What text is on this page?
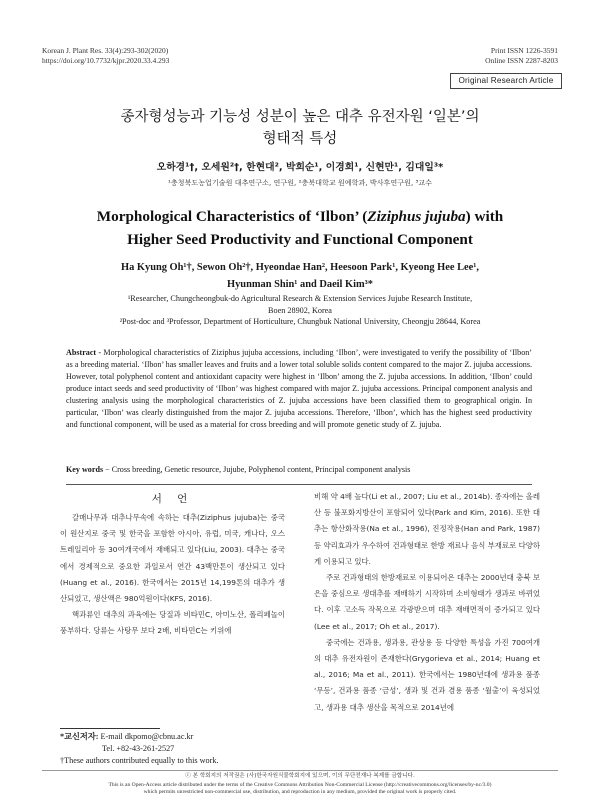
Korean J. Plant Res. 33(4):293-302(2020)
https://doi.org/10.7732/kjpr.2020.33.4.293
Print ISSN 1226-3591
Online ISSN 2287-8203
Original Research Article
종자형성능과 기능성 성분이 높은 대추 유전자원 ‘일본’의
형태적 특성
오하경¹†, 오세원²†, 한현대², 박희순¹, 이경희¹, 신현만¹, 김대일³*
¹충청북도농업기술원 대추연구소, 연구원, ²충북대학교 원예학과, 박사후연구원, ³교수
Morphological Characteristics of ‘Ilbon’ (Ziziphus jujuba) with
Higher Seed Productivity and Functional Component
Ha Kyung Oh¹†, Sewon Oh²†, Hyeondae Han², Heesoon Park¹, Kyeong Hee Lee¹,
Hyunman Shin¹ and Daeil Kim³*
¹Researcher, Chungcheongbuk-do Agricultural Research & Extension Services Jujube Research Institute,
Boen 28902, Korea
²Post-doc and ³Professor, Department of Horticulture, Chungbuk National University, Cheongju 28644, Korea
Abstract - Morphological characteristics of Ziziphus jujuba accessions, including ‘Ilbon’, were investigated to verify the possibility of ‘Ilbon’ as a breeding material. ‘Ilbon’ has smaller leaves and fruits and a lower total soluble solids content compared to the major Z. jujuba accessions. However, total polyphenol content and antioxidant capacity were highest in ‘Ilbon’ among the Z. jujuba accessions. In addition, ‘Ilbon’ could produce intact seeds and seed productivity of ‘Ilbon’ was highest compared with major Z. jujuba accessions. Principal component analysis and clustering analysis using the morphological characteristics of Z. jujuba accessions have been classified them to geographical origin. In particular, ‘Ilbon’ was clearly distinguished from the major Z. jujuba accessions. Therefore, ‘Ilbon’, which has the highest seed productivity and functional component, will be used as a material for cross breeding and will promote genetic study of Z. jujuba.
Key words − Cross breeding, Genetic resource, Jujube, Polyphenol content, Principal component analysis
서 언

갈매나무과 대추나무속에 속하는 대추(Ziziphus jujuba)는 중국이 원산지로 중국 및 한국을 포함한 아시아, 유럽, 미국, 캐나다, 오스트레일리아 등 30여개국에서 재배되고 있다(Liu, 2003). 대추는 중국에서 경제적으로 중요한 과일로서 연간 43백만톤이 생산되고 있다(Huang et al., 2016). 한국에서는 2015년 14,199톤의 대추가 생산되었고, 생산액은 980억원이다(KFS, 2016).

핵과류인 대추의 과육에는 당질과 비타민C, 아미노산, 폴리페놀이 풍부하다. 당류는 사탕무 보다 2배, 비타민C는 키위에

비해 약 4배 높다(Li et al., 2007; Liu et al., 2014b). 종자에는 올레산 등 불포화지방산이 포함되어 있다(Park and Kim, 2016). 또한 대추는 항산화작용(Na et al., 1996), 진정작용(Han and Park, 1987) 등 약리효과가 우수하여 건과형태로 한방 재료나 음식 부재료로 다양하게 이용되고 있다.

주로 건과형태의 한방재료로 이용되어온 대추는 2000년대 충북 보은을 중심으로 생대추를 재배하기 시작하며 소비형태가 생과로 바뀌었다. 이후 고소득 작목으로 각광받으며 대추 재배면적이 증가되고 있다(Lee et al., 2017; Oh et al., 2017).

중국에는 건과용, 생과용, 관상용 등 다양한 특성을 가진 700여개의 대추 유전자원이 존재한다(Grygorieva et al., 2014; Huang et al., 2016; Ma et al., 2011). 한국에서는 1980년대에 생과용 품종 ‘무등’, 건과용 품종 ‘금성’, 생과 및 건과 겸용 품종 ‘월출’이 육성되었고, 생과용 대추 생산을 목적으로 2014년에

*교신저자: E-mail dkpomo@cbnu.ac.kr
Tel. +82-43-261-2527
†These authors contributed equally to this work.
ⓒ 본 학회지의 저작권은 (사)한국자원식물학회지에 있으며, 이의 무단전재나 복제를 금합니다.
This is an Open-Access article distributed under the terms of the Creative Commons Attribution Non-Commercial License (http://creativecommons.org/licenses/by-nc/3.0)
which permits unrestricted non-commercial use, distribution, and reproduction in any medium, provided the original work is properly cited.
